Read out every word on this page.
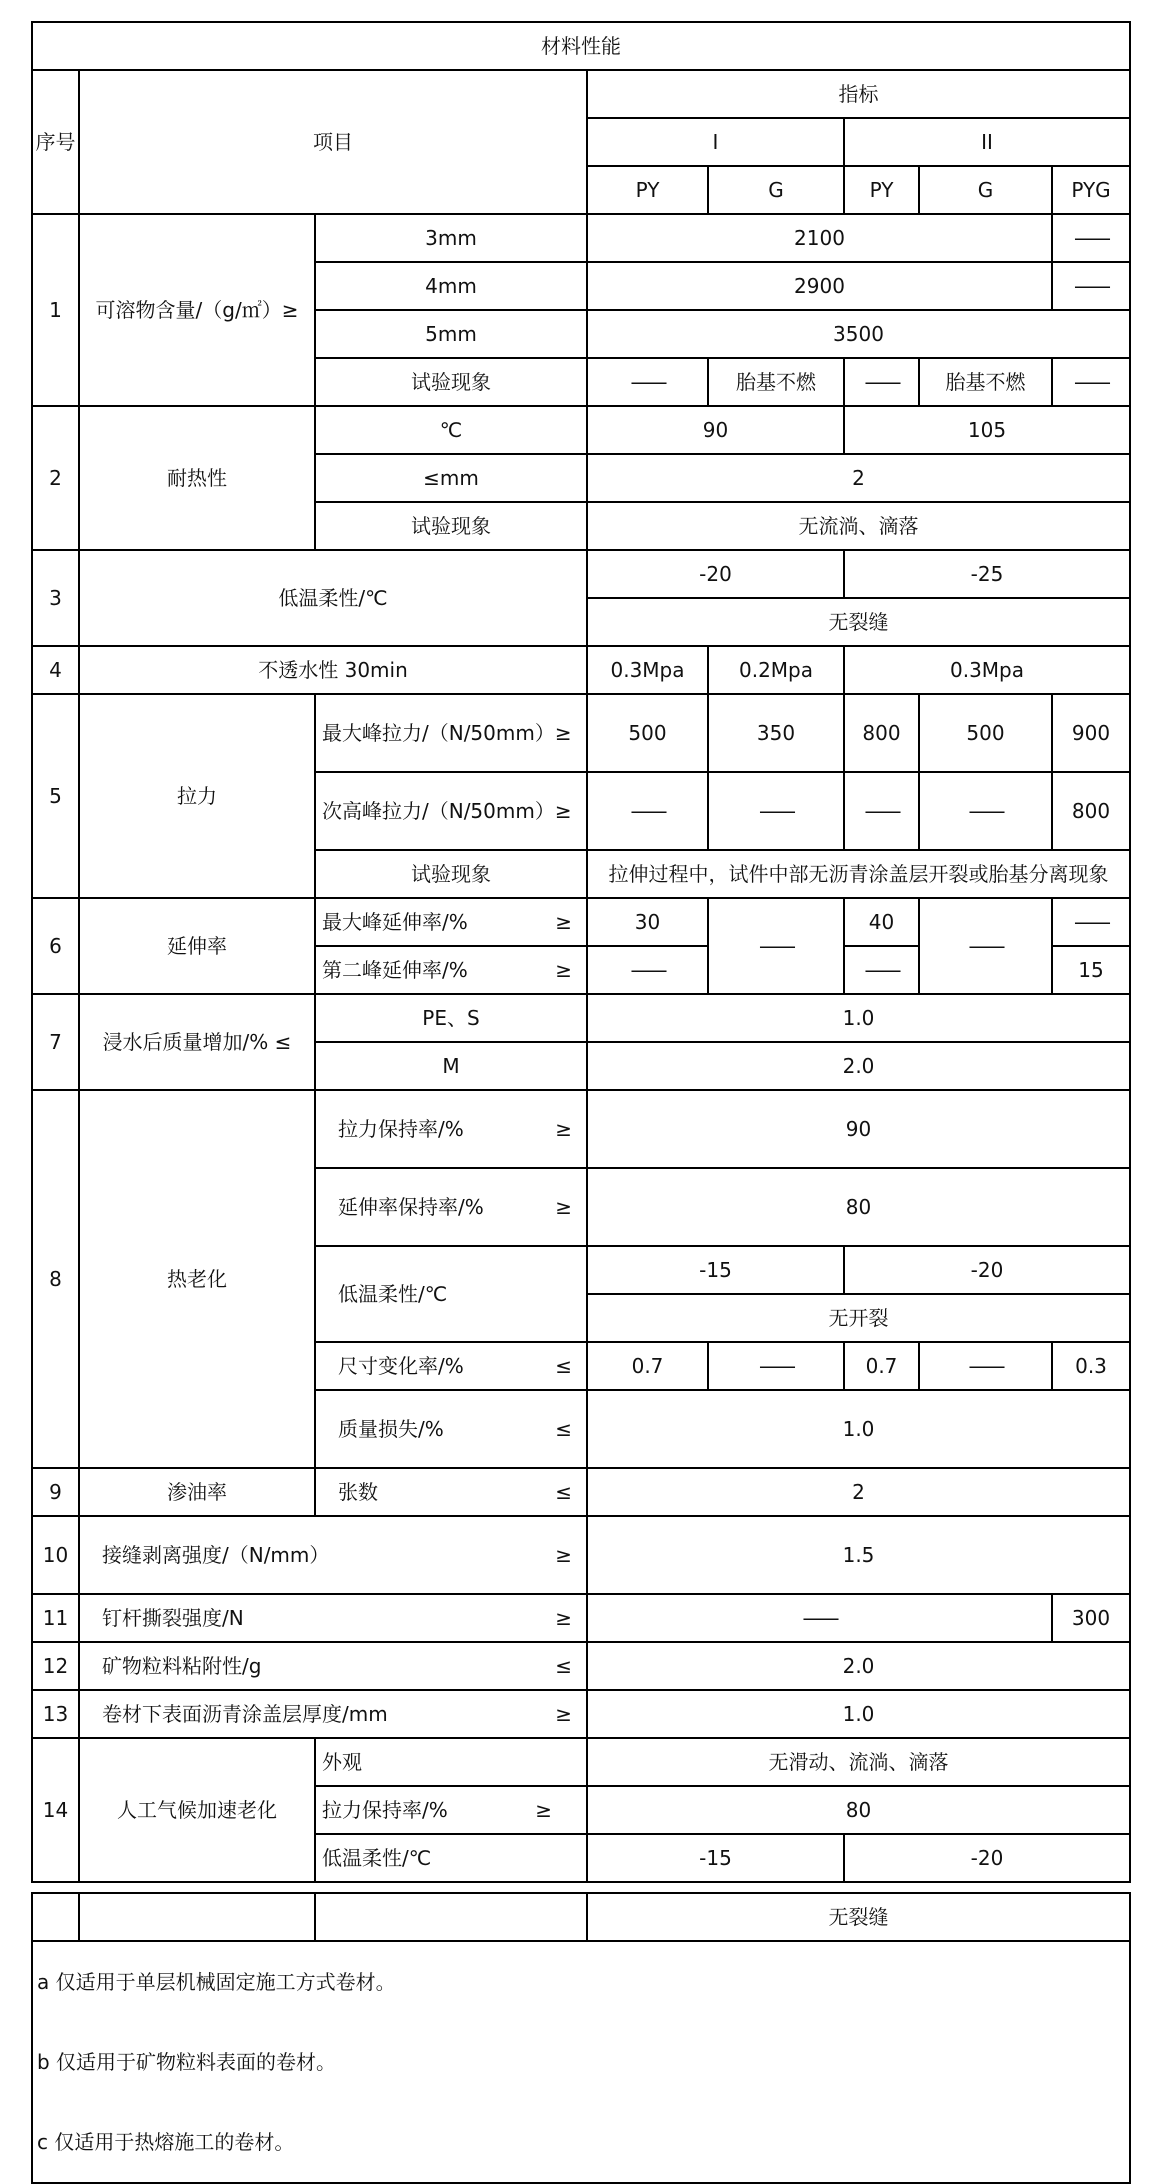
材料性能							
序号	项目		指标				
			I		II		
			PY	G	PY	G	PYG
1	可溶物含量/（g/㎡）≥	3mm	2100				——
		4mm	2900				——
		5mm	3500				
		试验现象	——	胎基不燃	——	胎基不燃	——
2	耐热性	℃	90		105		
		≤mm	2				
		试验现象	无流淌、滴落				
3	低温柔性/℃		-20		-25		
			无裂缝				
4	不透水性 30min		0.3Mpa	0.2Mpa	0.3Mpa		
5	拉力	最大峰拉力/（N/50mm）≥	500	350	800	500	900
		次高峰拉力/（N/50mm）≥	——	——	——	——	800
		试验现象	拉伸过程中，试件中部无沥青涂盖层开裂或胎基分离现象				
6	延伸率	最大峰延伸率/% ≥	30	——	40	——	——
		第二峰延伸率/% ≥	——		——		15
7	浸水后质量增加/% ≤	PE、S	1.0				
		M	2.0				
8	热老化	拉力保持率/% ≥	90				
		延伸率保持率/% ≥	80				
		低温柔性/℃	-15		-20		
			无开裂				
		尺寸变化率/% ≤	0.7	——	0.7	——	0.3
		质量损失/% ≤	1.0				
9	渗油率	张数 ≤	2				
10	接缝剥离强度/（N/mm） ≥		1.5				
11	钉杆撕裂强度/N ≥		——				300
12	矿物粒料粘附性/g ≤		2.0				
13	卷材下表面沥青涂盖层厚度/mm ≥		1.0				
14	人工气候加速老化	外观	无滑动、流淌、滴落				
		拉力保持率/% ≥	80				
		低温柔性/℃	-15		-20		
			无裂缝

a 仅适用于单层机械固定施工方式卷材。
b 仅适用于矿物粒料表面的卷材。
c 仅适用于热熔施工的卷材。
